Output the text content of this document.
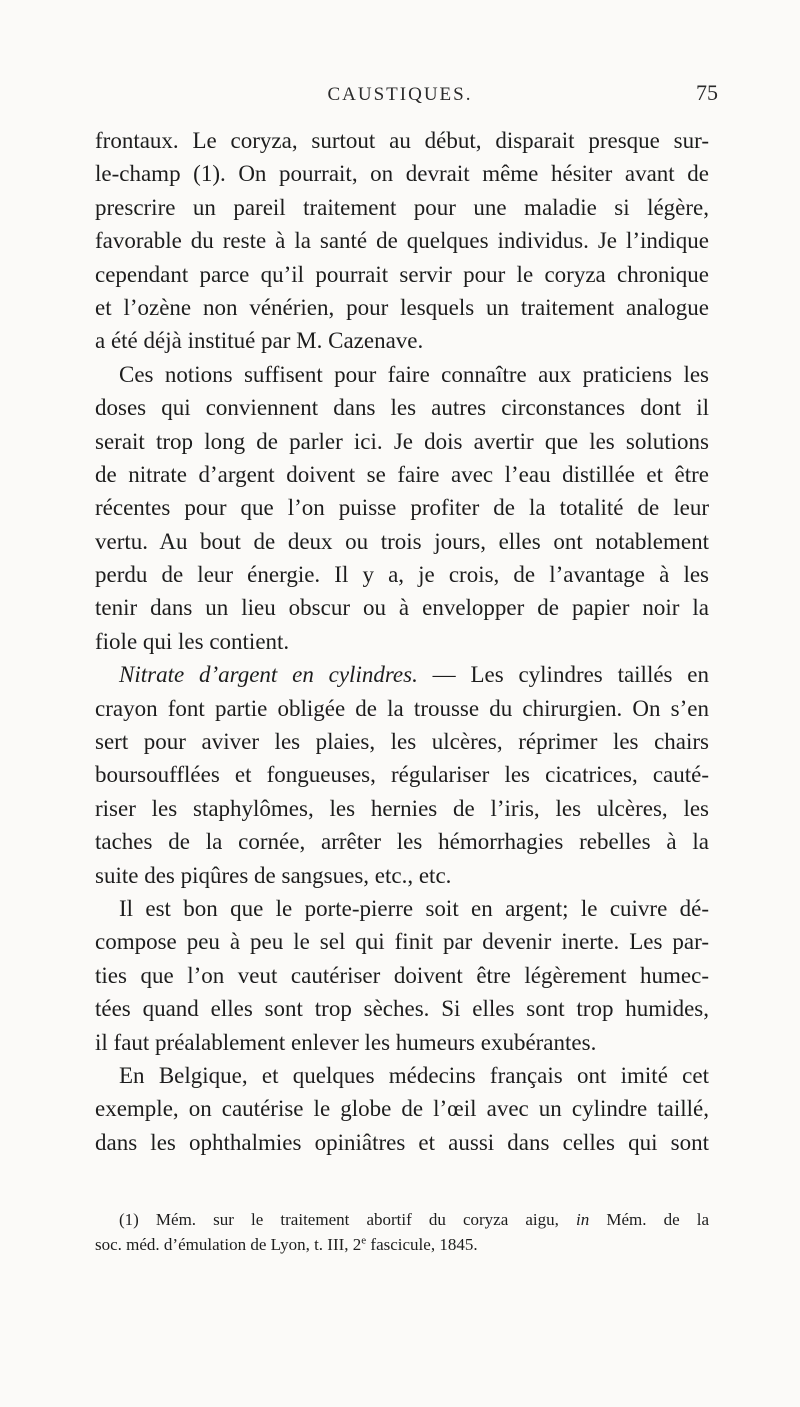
CAUSTIQUES.	75
frontaux. Le coryza, surtout au début, disparait presque sur-
le-champ (1). On pourrait, on devrait même hésiter avant de
prescrire un pareil traitement pour une maladie si légère,
favorable du reste à la santé de quelques individus. Je l’indique
cependant parce qu’il pourrait servir pour le coryza chronique
et l’ozène non vénérien, pour lesquels un traitement analogue
a été déjà institué par M. Cazenave.
Ces notions suffisent pour faire connaître aux praticiens les
doses qui conviennent dans les autres circonstances dont il
serait trop long de parler ici. Je dois avertir que les solutions
de nitrate d’argent doivent se faire avec l’eau distillée et être
récentes pour que l’on puisse profiter de la totalité de leur
vertu. Au bout de deux ou trois jours, elles ont notablement
perdu de leur énergie. Il y a, je crois, de l’avantage à les
tenir dans un lieu obscur ou à envelopper de papier noir la
fiole qui les contient.
Nitrate d’argent en cylindres. — Les cylindres taillés en
crayon font partie obligée de la trousse du chirurgien. On s’en
sert pour aviver les plaies, les ulcères, réprimer les chairs
boursoufflées et fongueuses, régulariser les cicatrices, cauté-
riser les staphylômes, les hernies de l’iris, les ulcères, les
taches de la cornée, arrêter les hémorrhagies rebelles à la
suite des piqûres de sangsues, etc., etc.
Il est bon que le porte-pierre soit en argent; le cuivre dé-
compose peu à peu le sel qui finit par devenir inerte. Les par-
ties que l’on veut cautériser doivent être légèrement humec-
tées quand elles sont trop sèches. Si elles sont trop humides,
il faut préalablement enlever les humeurs exubérantes.
En Belgique, et quelques médecins français ont imité cet
exemple, on cautérise le globe de l’œil avec un cylindre taillé,
dans les ophthalmies opiniâtres et aussi dans celles qui sont
(1) Mém. sur le traitement abortif du coryza aigu, in Mém. de la
soc. méd. d’émulation de Lyon, t. III, 2e fascicule, 1845.
